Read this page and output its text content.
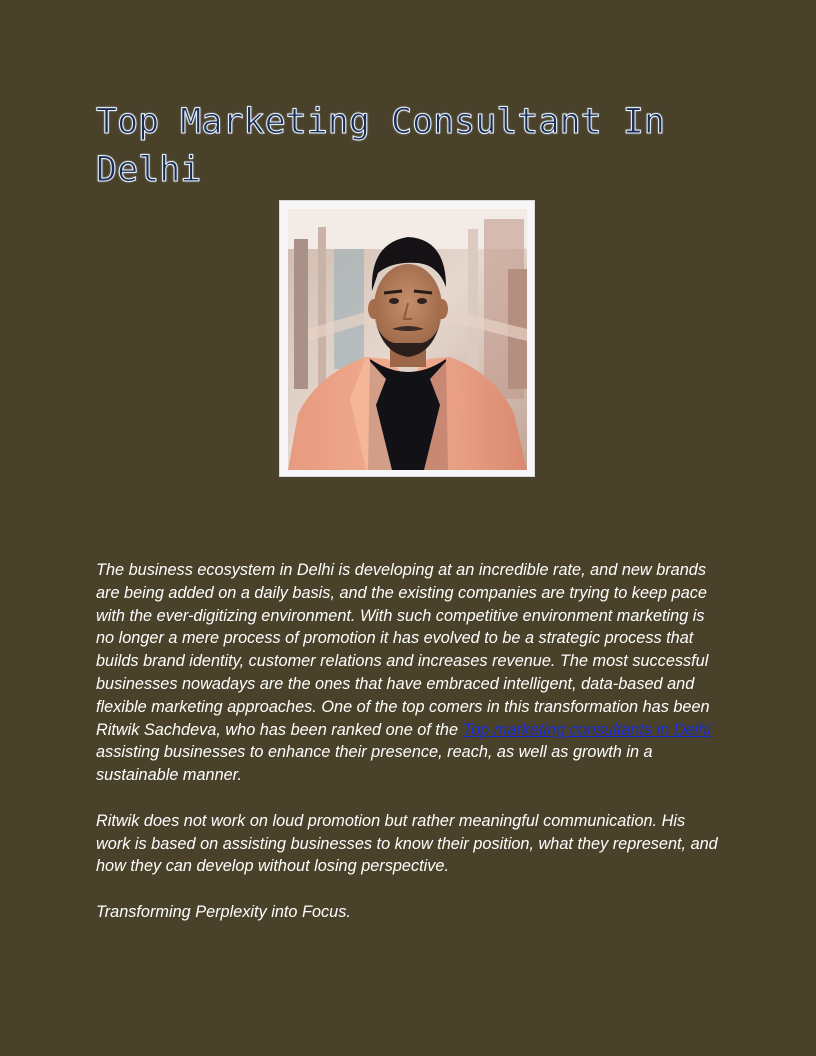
Top Marketing Consultant In Delhi

The business ecosystem in Delhi is developing at an incredible rate, and new brands are being added on a daily basis, and the existing companies are trying to keep pace with the ever-digitizing environment. With such competitive environment marketing is no longer a mere process of promotion it has evolved to be a strategic process that builds brand identity, customer relations and increases revenue. The most successful businesses nowadays are the ones that have embraced intelligent, data-based and flexible marketing approaches. One of the top comers in this transformation has been Ritwik Sachdeva, who has been ranked one of the Top marketing consultants in Delhi assisting businesses to enhance their presence, reach, as well as growth in a sustainable manner.

Ritwik does not work on loud promotion but rather meaningful communication. His work is based on assisting businesses to know their position, what they represent, and how they can develop without losing perspective.

Transforming Perplexity into Focus.
